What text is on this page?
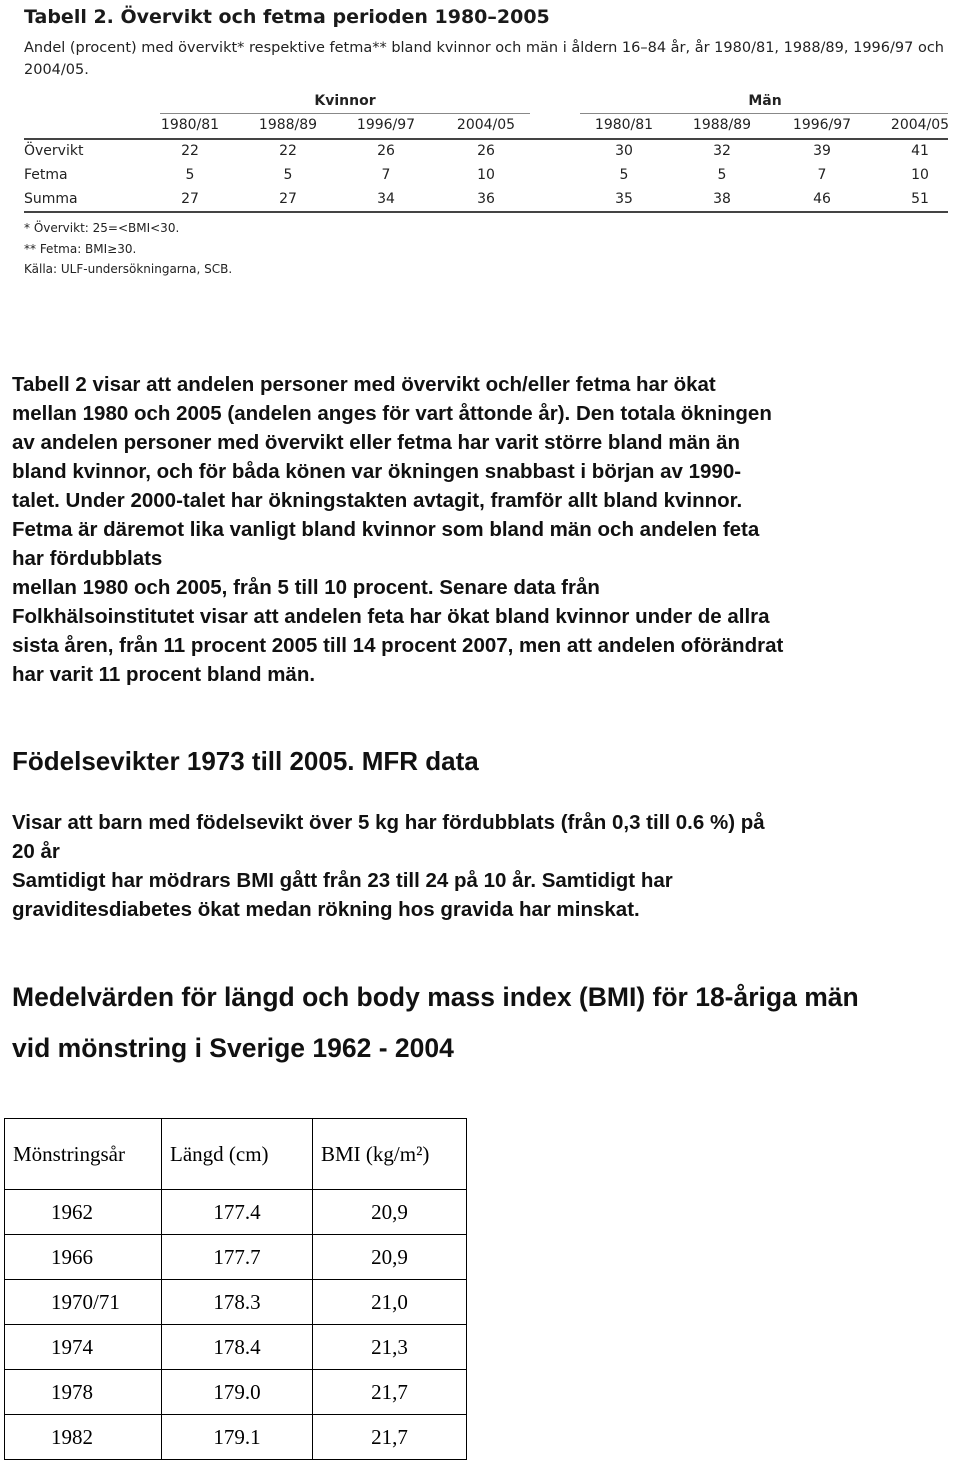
Tabell 2. Övervikt och fetma perioden 1980–2005
Andel (procent) med övervikt* respektive fetma** bland kvinnor och män i åldern 16–84 år, år 1980/81, 1988/89, 1996/97 och 2004/05.
Kvinnor	Män
1980/81	1988/89	1996/97	2004/05	1980/81	1988/89	1996/97	2004/05
Övervikt	22	22	26	26	30	32	39	41
Fetma	5	5	7	10	5	5	7	10
Summa	27	27	34	36	35	38	46	51
* Övervikt: 25=<BMI<30.
** Fetma: BMI≥30.
Källa: ULF-undersökningarna, SCB.
Tabell 2 visar att andelen personer med övervikt och/eller fetma har ökat
mellan 1980 och 2005 (andelen anges för vart åttonde år). Den totala ökningen
av andelen personer med övervikt eller fetma har varit större bland män än
bland kvinnor, och för båda könen var ökningen snabbast i början av 1990-
talet. Under 2000-talet har ökningstakten avtagit, framför allt bland kvinnor.
Fetma är däremot lika vanligt bland kvinnor som bland män och andelen feta
har fördubblats
mellan 1980 och 2005, från 5 till 10 procent. Senare data från
Folkhälsoinstitutet visar att andelen feta har ökat bland kvinnor under de allra
sista åren, från 11 procent 2005 till 14 procent 2007, men att andelen oförändrat
har varit 11 procent bland män.
Födelsevikter 1973 till 2005. MFR data
Visar att barn med födelsevikt över 5 kg har fördubblats (från 0,3 till 0.6 %) på
20 år
Samtidigt har mödrars BMI gått från 23 till 24 på 10 år. Samtidigt har
graviditesdiabetes ökat medan rökning hos gravida har minskat.
Medelvärden för längd och body mass index (BMI) för 18-åriga män
vid mönstring i Sverige 1962 - 2004
Mönstringsår	Längd (cm)	BMI (kg/m²)
1962	177.4	20,9
1966	177.7	20,9
1970/71	178.3	21,0
1974	178.4	21,3
1978	179.0	21,7
1982	179.1	21,7
